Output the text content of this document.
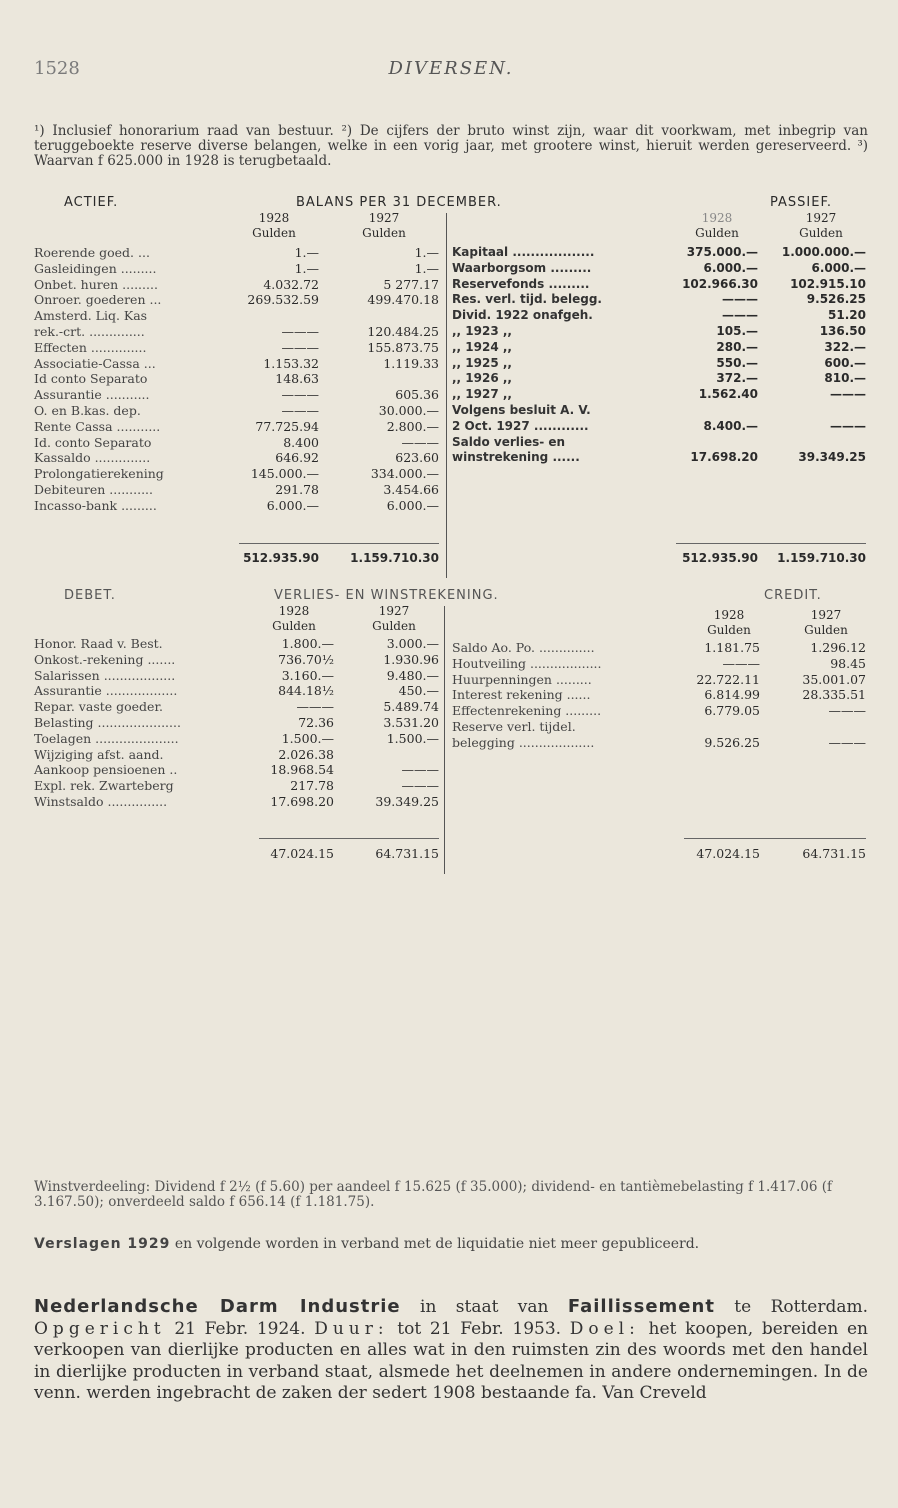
1528	DIVERSEN.

¹) Inclusief honorarium raad van bestuur. ²) De cijfers der bruto winst zijn, waar dit voorkwam, met inbegrip van teruggeboekte reserve diverse belangen, welke in een vorig jaar, met grootere winst, hieruit werden gereserveerd. ³) Waarvan f 625.000 in 1928 is terugbetaald.

ACTIEF.	BALANS PER 31 DECEMBER.	PASSIEF.
1928	1927
Gulden	Gulden
1928	1927
Gulden	Gulden
Roerende goed. ...	1.—	1.—
Gasleidingen .........	1.—	1.—
Onbet. huren .........	4.032.72	5 277.17
Onroer. goederen ...	269.532.59	499.470.18
Amsterd. Liq. Kas
rek.-crt. ..............	———	120.484.25
Effecten ..............	———	155.873.75
Associatie-Cassa ...	1.153.32	1.119.33
Id conto Separato	148.63
Assurantie ...........	———	605.36
O. en B.kas. dep.	———	30.000.—
Rente Cassa ...........	77.725.94	2.800.—
Id. conto Separato	8.400	———
Kassaldo ..............	646.92	623.60
Prolongatierekening	145.000.—	334.000.—
Debiteuren ...........	291.78	3.454.66
Incasso-bank .........	6.000.—	6.000.—
Kapitaal ..................	375.000.—	1.000.000.—
Waarborgsom .........	6.000.—	6.000.—
Reservefonds .........	102.966.30	102.915.10
Res. verl. tijd. belegg.	———	9.526.25
Divid. 1922 onafgeh.	———	51.20
,, 1923 ,,	105.—	136.50
,, 1924 ,,	280.—	322.—
,, 1925 ,,	550.—	600.—
,, 1926 ,,	372.—	810.—
,, 1927 ,,	1.562.40	———
Volgens besluit A. V.
2 Oct. 1927 ............	8.400.—	———
Saldo verlies- en
winstrekening ......	17.698.20	39.349.25
512.935.90	1.159.710.30	512.935.90	1.159.710.30
DEBET.	VERLIES- EN WINSTREKENING.	CREDIT.
1928	1927
Gulden	Gulden
1928	1927
Gulden	Gulden
Honor. Raad v. Best.	1.800.—	3.000.—
Onkost.-rekening .......	736.70½	1.930.96
Salarissen ..................	3.160.—	9.480.—
Assurantie ..................	844.18½	450.—
Repar. vaste goeder.	———	5.489.74
Belasting .....................	72.36	3.531.20
Toelagen .....................	1.500.—	1.500.—
Wijziging afst. aand.	2.026.38
Aankoop pensioenen ..	18.968.54	———
Expl. rek. Zwarteberg	217.78	———
Winstsaldo ...............	17.698.20	39.349.25
Saldo Ao. Po. ..............	1.181.75	1.296.12
Houtveiling ..................	———	98.45
Huurpenningen .........	22.722.11	35.001.07
Interest rekening ......	6.814.99	28.335.51
Effectenrekening .........	6.779.05	———
Reserve verl. tijdel.
belegging ...................	9.526.25	———
47.024.15	64.731.15	47.024.15	64.731.15
Winstverdeeling: Dividend f 2½ (f 5.60) per aandeel f 15.625 (f 35.000); dividend- en tantièmebelasting f 1.417.06 (f 3.167.50); onverdeeld saldo f 656.14 (f 1.181.75).
Verslagen 1929 en volgende worden in verband met de liquidatie niet meer gepubliceerd.
Nederlandsche Darm Industrie in staat van Faillissement te Rotterdam. Opgericht 21 Febr. 1924. Duur: tot 21 Febr. 1953. Doel: het koopen, bereiden en verkoopen van dierlijke producten en alles wat in den ruimsten zin des woords met den handel in dierlijke producten in verband staat, alsmede het deelnemen in andere ondernemingen. In de venn. werden ingebracht de zaken der sedert 1908 bestaande fa. Van Creveld
